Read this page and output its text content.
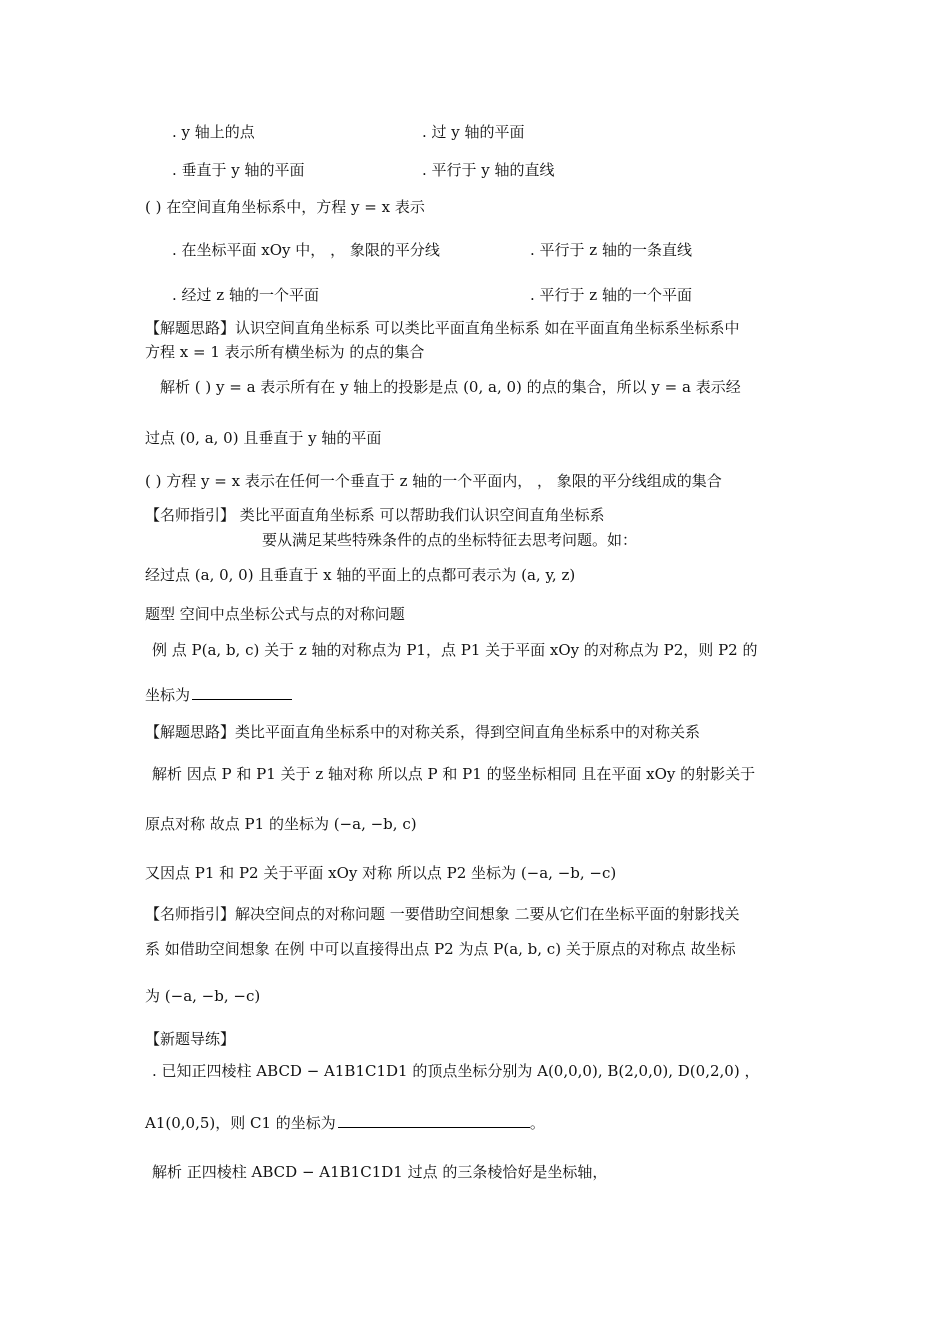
. y 轴上的点	. 过 y 轴的平面
. 垂直于 y 轴的平面	. 平行于 y 轴的直线
( ) 在空间直角坐标系中，方程 y = x 表示
. 在坐标平面 xOy 中， ， 象限的平分线	. 平行于 z 轴的一条直线
. 经过 z 轴的一个平面	. 平行于 z 轴的一个平面
【解题思路】认识空间直角坐标系 可以类比平面直角坐标系 如在平面直角坐标系坐标系中
方程 x = 1 表示所有横坐标为 的点的集合
解析 ( ) y = a 表示所有在 y 轴上的投影是点 (0, a, 0) 的点的集合，所以 y = a 表示经
过点 (0, a, 0) 且垂直于 y 轴的平面
( ) 方程 y = x 表示在任何一个垂直于 z 轴的一个平面内， ， 象限的平分线组成的集合
【名师指引】 类比平面直角坐标系 可以帮助我们认识空间直角坐标系
要从满足某些特殊条件的点的坐标特征去思考问题。如：
经过点 (a, 0, 0) 且垂直于 x 轴的平面上的点都可表示为 (a, y, z)
题型 空间中点坐标公式与点的对称问题
例 点 P(a, b, c) 关于 z 轴的对称点为 P1，点 P1 关于平面 xOy 的对称点为 P2，则 P2 的
坐标为
【解题思路】类比平面直角坐标系中的对称关系，得到空间直角坐标系中的对称关系
解析 因点 P 和 P1 关于 z 轴对称 所以点 P 和 P1 的竖坐标相同 且在平面 xOy 的射影关于
原点对称 故点 P1 的坐标为 (−a, −b, c)
又因点 P1 和 P2 关于平面 xOy 对称 所以点 P2 坐标为 (−a, −b, −c)
【名师指引】解决空间点的对称问题 一要借助空间想象 二要从它们在坐标平面的射影找关
系 如借助空间想象 在例 中可以直接得出点 P2 为点 P(a, b, c) 关于原点的对称点 故坐标
为 (−a, −b, −c)
【新题导练】
. 已知正四棱柱 ABCD − A1B1C1D1 的顶点坐标分别为 A(0,0,0), B(2,0,0), D(0,2,0) ，
A1(0,0,5)，则 C1 的坐标为	。
解析 正四棱柱 ABCD − A1B1C1D1 过点 的三条棱恰好是坐标轴，
